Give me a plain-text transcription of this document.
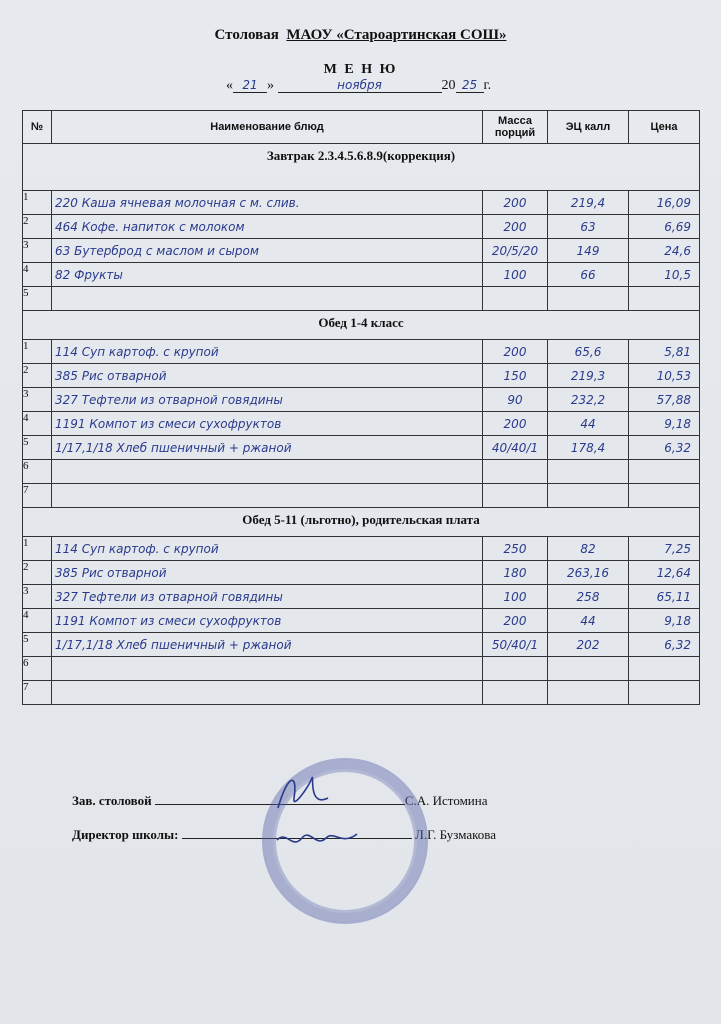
Столовая МАОУ «Староартинская СОШ»
М Е Н Ю
« 21 »	ноября	20 25 г.
№	Наименование блюд	Масса порций	ЭЦ калл	Цена
Завтрак 2.3.4.5.6.8.9(коррекция)				
1	220 Каша ячневая молочная с м. слив.	200	219,4	16,09
2	464 Кофе. напиток с молоком	200	63	6,69
3	63 Бутерброд с маслом и сыром	20/5/20	149	24,6
4	82 Фрукты	100	66	10,5
5				
Обед 1-4 класс				
1	114 Суп картоф. с крупой	200	65,6	5,81
2	385 Рис отварной	150	219,3	10,53
3	327 Тефтели из отварной говядины	90	232,2	57,88
4	1191 Компот из смеси сухофруктов	200	44	9,18
5	1/17,1/18 Хлеб пшеничный + ржаной	40/40/1	178,4	6,32
6				
7				
Обед 5-11 (льготно), родительская плата				
1	114 Суп картоф. с крупой	250	82	7,25
2	385 Рис отварной	180	263,16	12,64
3	327 Тефтели из отварной говядины	100	258	65,11
4	1191 Компот из смеси сухофруктов	200	44	9,18
5	1/17,1/18 Хлеб пшеничный + ржаной	50/40/1	202	6,32
6				
7				
Зав. столовой	С.А. Истомина
Директор школы:	Л.Г. Бузмакова
